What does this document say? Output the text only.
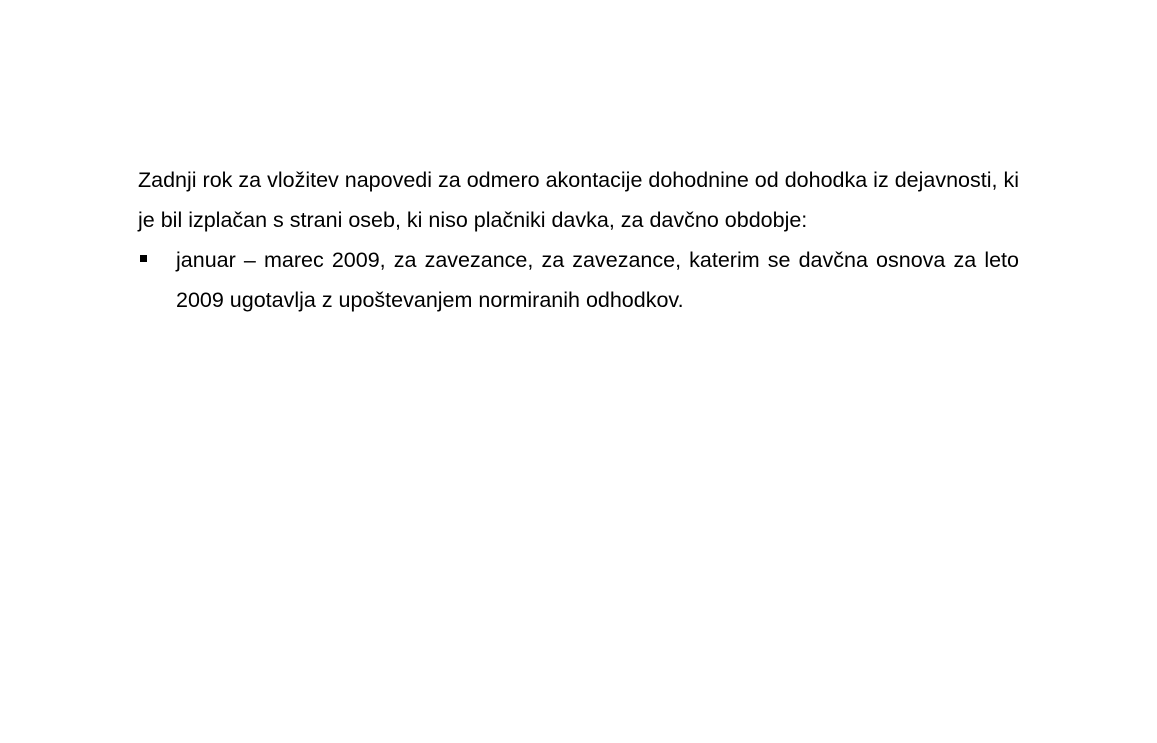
Zadnji rok za vložitev napovedi za odmero akontacije dohodnine od dohodka iz dejavnosti, ki je bil izplačan s strani oseb, ki niso plačniki davka, za davčno obdobje:

januar – marec 2009, za zavezance, za zavezance, katerim se davčna osnova za leto 2009 ugotavlja z upoštevanjem normiranih odhodkov.
